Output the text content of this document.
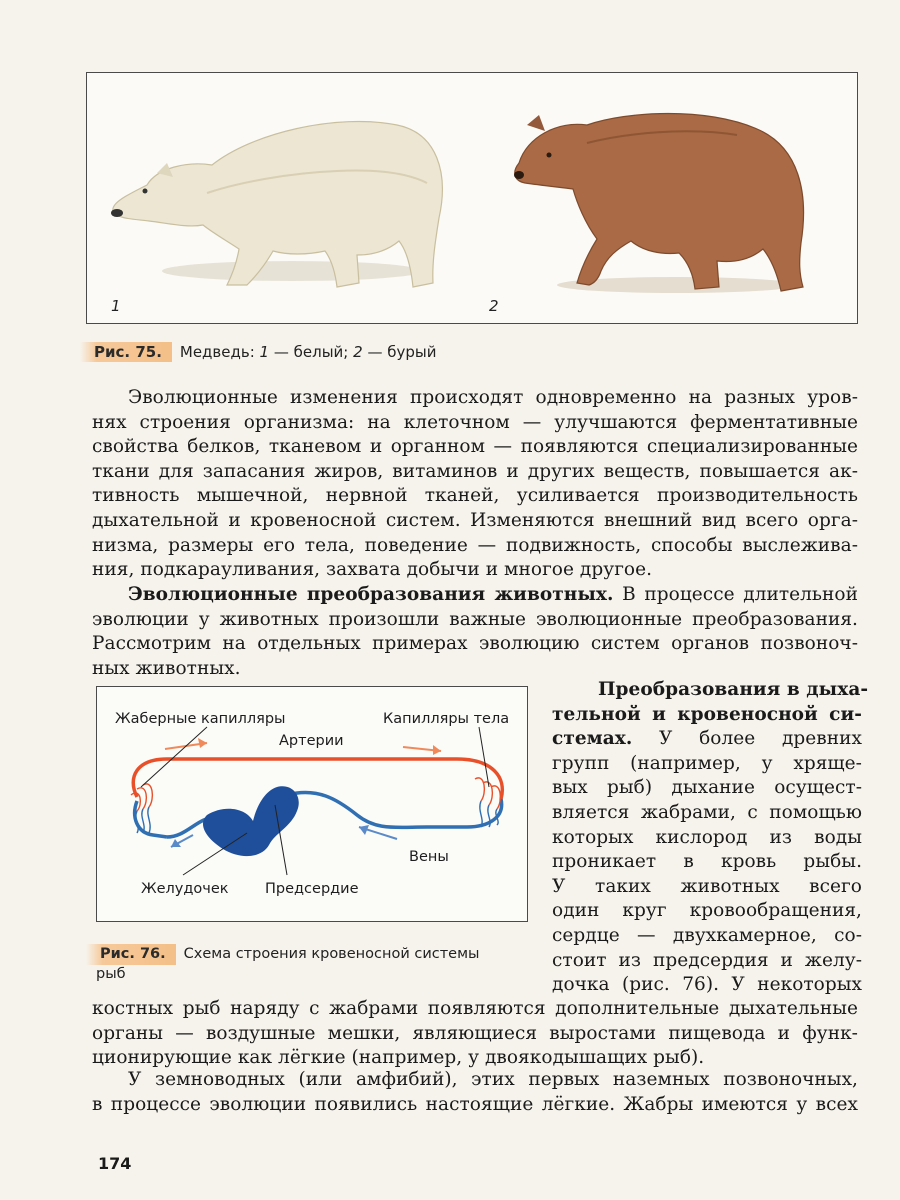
1	2
Рис. 75. Медведь: 1 — белый; 2 — бурый
Эволюционные изменения происходят одновременно на разных уров-
нях строения организма: на клеточном — улучшаются ферментативные
свойства белков, тканевом и органном — появляются специализированные
ткани для запасания жиров, витаминов и других веществ, повышается ак-
тивность мышечной, нервной тканей, усиливается производительность
дыхательной и кровеносной систем. Изменяются внешний вид всего орга-
низма, размеры его тела, поведение — подвижность, способы выслежива-
ния, подкарауливания, захвата добычи и многое другое.
Эволюционные преобразования животных. В процессе длительной
эволюции у животных произошли важные эволюционные преобразования.
Рассмотрим на отдельных примерах эволюцию систем органов позвоноч-
ных животных.
Жаберные капилляры	Капилляры тела
Артерии
Вены
Желудочек	Предсердие
Рис. 76. Схема строения кровеносной системы
рыб
Преобразования в дыха-
тельной и кровеносной си-
стемах. У более древних
групп (например, у хряще-
вых рыб) дыхание осущест-
вляется жабрами, с помощью
которых кислород из воды
проникает в кровь рыбы.
У таких животных всего
один круг кровообращения,
сердце — двухкамерное, со-
стоит из предсердия и желу-
дочка (рис. 76). У некоторых
костных рыб наряду с жабрами появляются дополнительные дыхательные
органы — воздушные мешки, являющиеся выростами пищевода и функ-
ционирующие как лёгкие (например, у двоякодышащих рыб).
У земноводных (или амфибий), этих первых наземных позвоночных,
в процессе эволюции появились настоящие лёгкие. Жабры имеются у всех
174
